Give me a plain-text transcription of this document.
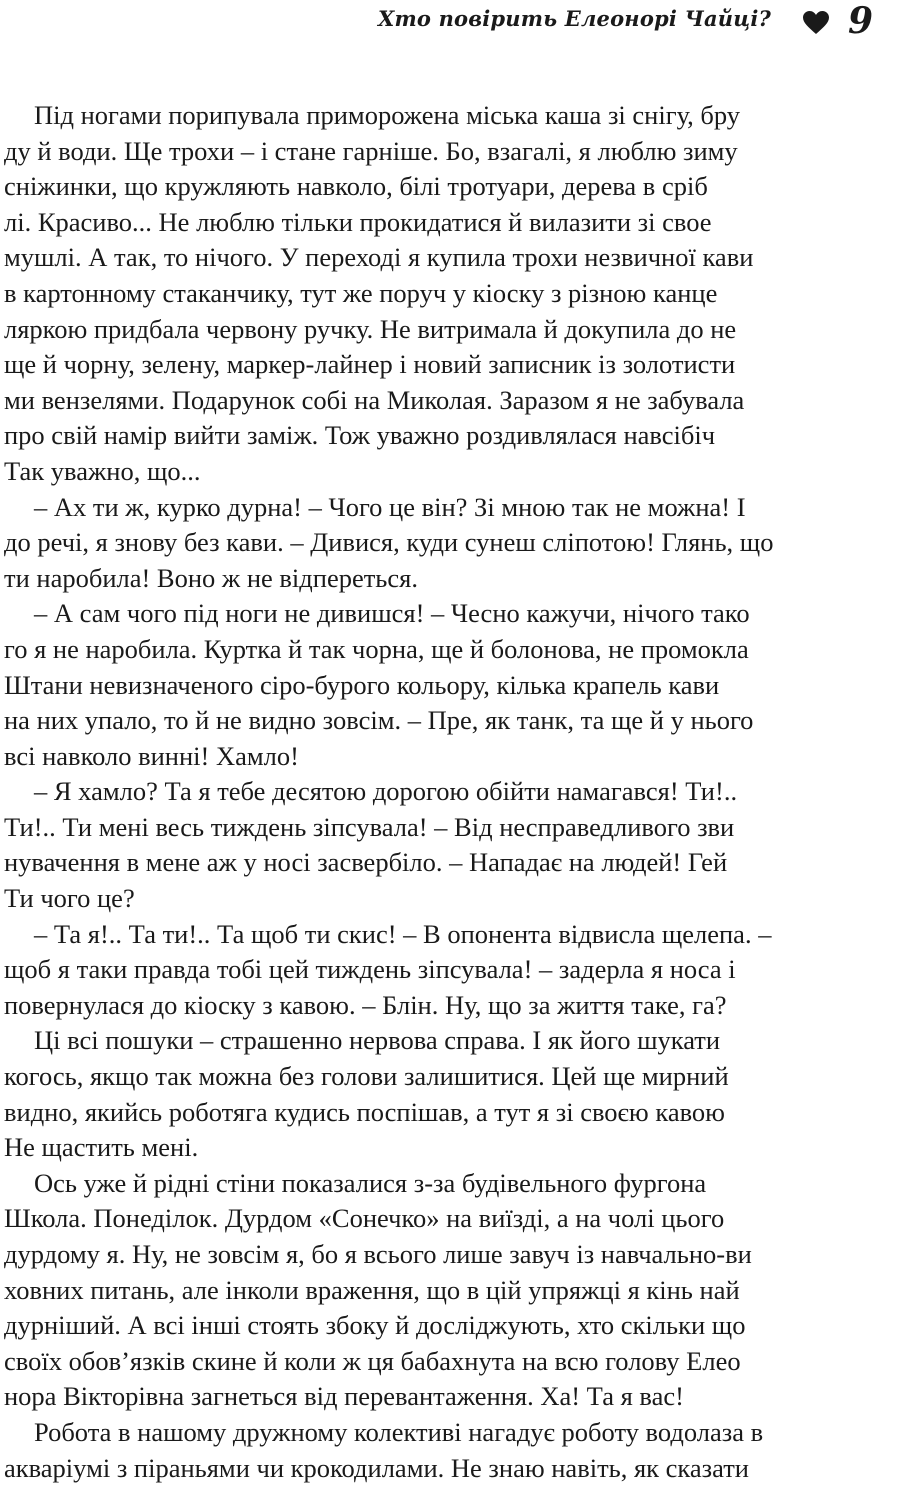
Хто повірить Елеонорі Чайці? 9
Під ногами порипувала приморожена міська каша зі снігу, бру
ду й води. Ще трохи – і стане гарніше. Бо, взагалі, я люблю зиму
сніжинки, що кружляють навколо, білі тротуари, дерева в сріб
лі. Красиво... Не люблю тільки прокидатися й вилазити зі свое
мушлі. А так, то нічого. У переході я купила трохи незвичної кави
в картонному стаканчику, тут же поруч у кіоску з різною канце
ляркою придбала червону ручку. Не витримала й докупила до не
ще й чорну, зелену, маркер-лайнер і новий записник із золотисти
ми вензелями. Подарунок собі на Миколая. Заразом я не забувала
про свій намір вийти заміж. Тож уважно роздивлялася навсібіч
Так уважно, що...
– Ах ти ж, курко дурна! – Чого це він? Зі мною так не можна! І
до речі, я знову без кави. – Дивися, куди сунеш сліпотою! Глянь, що
ти наробила! Воно ж не відпереться.
– А сам чого під ноги не дивишся! – Чесно кажучи, нічого тако
го я не наробила. Куртка й так чорна, ще й болонова, не промокла
Штани невизначеного сіро-бурого кольору, кілька крапель кави
на них упало, то й не видно зовсім. – Пре, як танк, та ще й у нього
всі навколо винні! Хамло!
– Я хамло? Та я тебе десятою дорогою обійти намагався! Ти!..
Ти!.. Ти мені весь тиждень зіпсувала! – Від несправедливого зви
нувачення в мене аж у носі засвербіло. – Нападає на людей! Гей
Ти чого це?
– Та я!.. Та ти!.. Та щоб ти скис! – В опонента відвисла щелепа. –
щоб я таки правда тобі цей тиждень зіпсувала! – задерла я носа і
повернулася до кіоску з кавою. – Блін. Ну, що за життя таке, га?
Ці всі пошуки – страшенно нервова справа. І як його шукати
когось, якщо так можна без голови залишитися. Цей ще мирний
видно, якийсь роботяга кудись поспішав, а тут я зі своєю кавою
Не щастить мені.
Ось уже й рідні стіни показалися з-за будівельного фургона
Школа. Понеділок. Дурдом «Сонечко» на виїзді, а на чолі цього
дурдому я. Ну, не зовсім я, бо я всього лише завуч із навчально-ви
ховних питань, але інколи враження, що в цій упряжці я кінь най
дурніший. А всі інші стоять збоку й досліджують, хто скільки що
своїх обов’язків скине й коли ж ця бабахнута на всю голову Елео
нора Вікторівна загнеться від перевантаження. Ха! Та я вас!
Робота в нашому дружному колективі нагадує роботу водолаза в
акваріумі з піраньями чи крокодилами. Не знаю навіть, як сказати
